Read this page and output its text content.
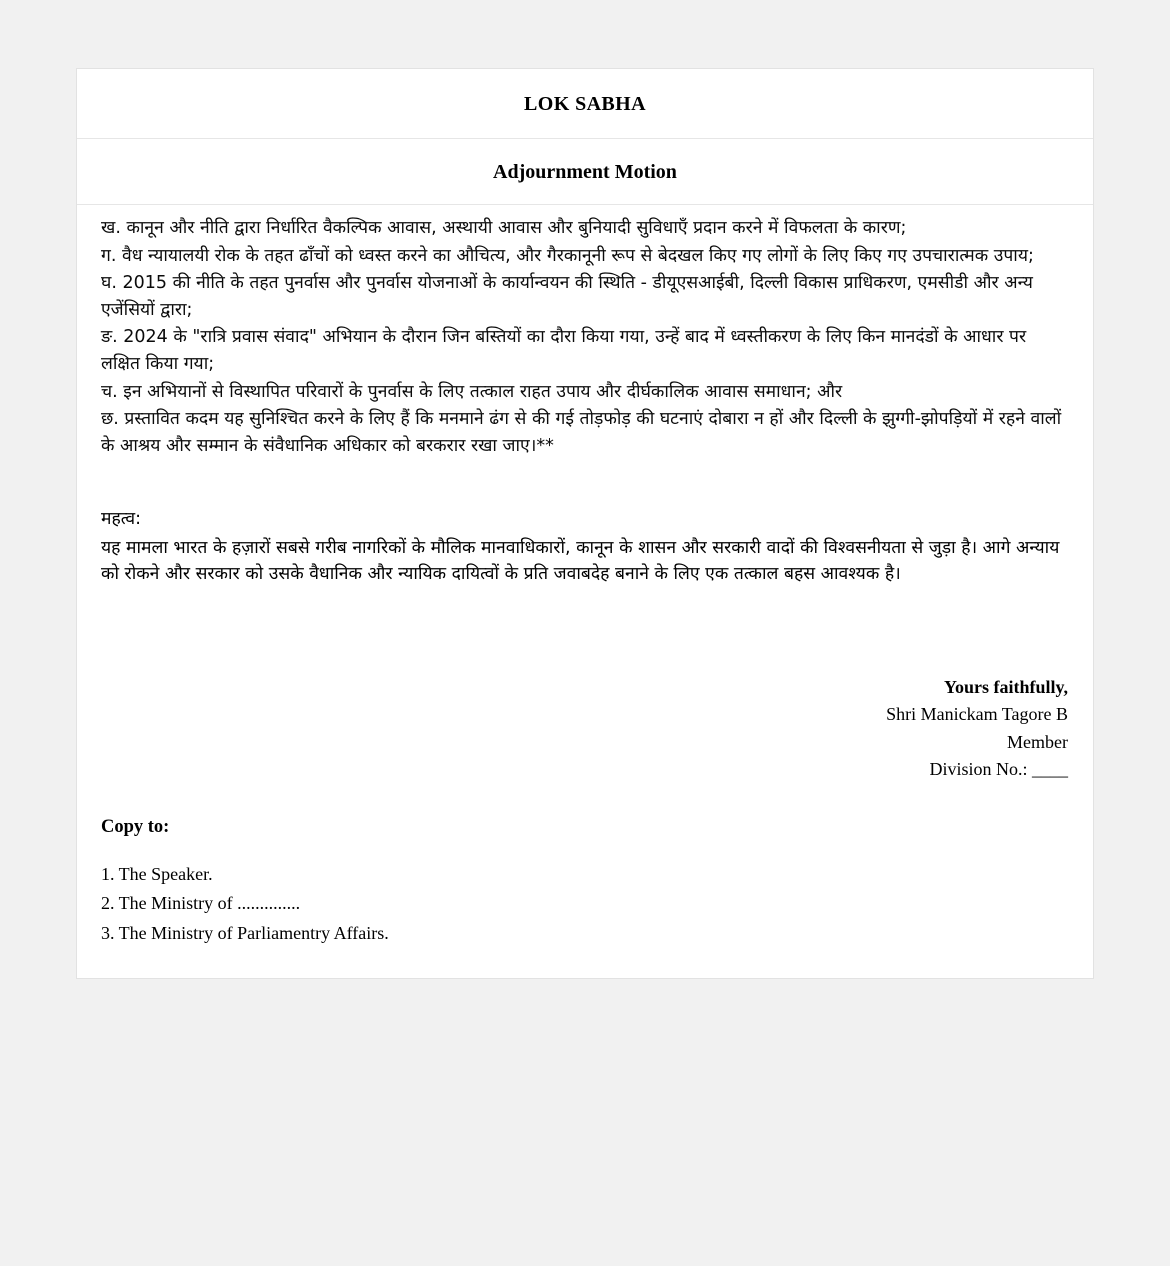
LOK SABHA
Adjournment Motion

ख. कानून और नीति द्वारा निर्धारित वैकल्पिक आवास, अस्थायी आवास और बुनियादी सुविधाएँ प्रदान करने में विफलता के कारण;

ग. वैध न्यायालयी रोक के तहत ढाँचों को ध्वस्त करने का औचित्य, और गैरकानूनी रूप से बेदखल किए गए लोगों के लिए किए गए उपचारात्मक उपाय;

घ. 2015 की नीति के तहत पुनर्वास और पुनर्वास योजनाओं के कार्यान्वयन की स्थिति - डीयूएसआईबी, दिल्ली विकास प्राधिकरण, एमसीडी और अन्य एजेंसियों द्वारा;

ङ. 2024 के "रात्रि प्रवास संवाद" अभियान के दौरान जिन बस्तियों का दौरा किया गया, उन्हें बाद में ध्वस्तीकरण के लिए किन मानदंडों के आधार पर लक्षित किया गया;

च. इन अभियानों से विस्थापित परिवारों के पुनर्वास के लिए तत्काल राहत उपाय और दीर्घकालिक आवास समाधान; और

छ. प्रस्तावित कदम यह सुनिश्चित करने के लिए हैं कि मनमाने ढंग से की गई तोड़फोड़ की घटनाएं दोबारा न हों और दिल्ली के झुग्गी-झोपड़ियों में रहने वालों के आश्रय और सम्मान के संवैधानिक अधिकार को बरकरार रखा जाए।**

महत्व:
यह मामला भारत के हज़ारों सबसे गरीब नागरिकों के मौलिक मानवाधिकारों, कानून के शासन और सरकारी वादों की विश्वसनीयता से जुड़ा है। आगे अन्याय को रोकने और सरकार को उसके वैधानिक और न्यायिक दायित्वों के प्रति जवाबदेह बनाने के लिए एक तत्काल बहस आवश्यक है।
Yours faithfully,
Shri Manickam Tagore B
Member
Division No.: ____
Copy to:
1. The Speaker.
2. The Ministry of ..............
3. The Ministry of Parliamentry Affairs.
